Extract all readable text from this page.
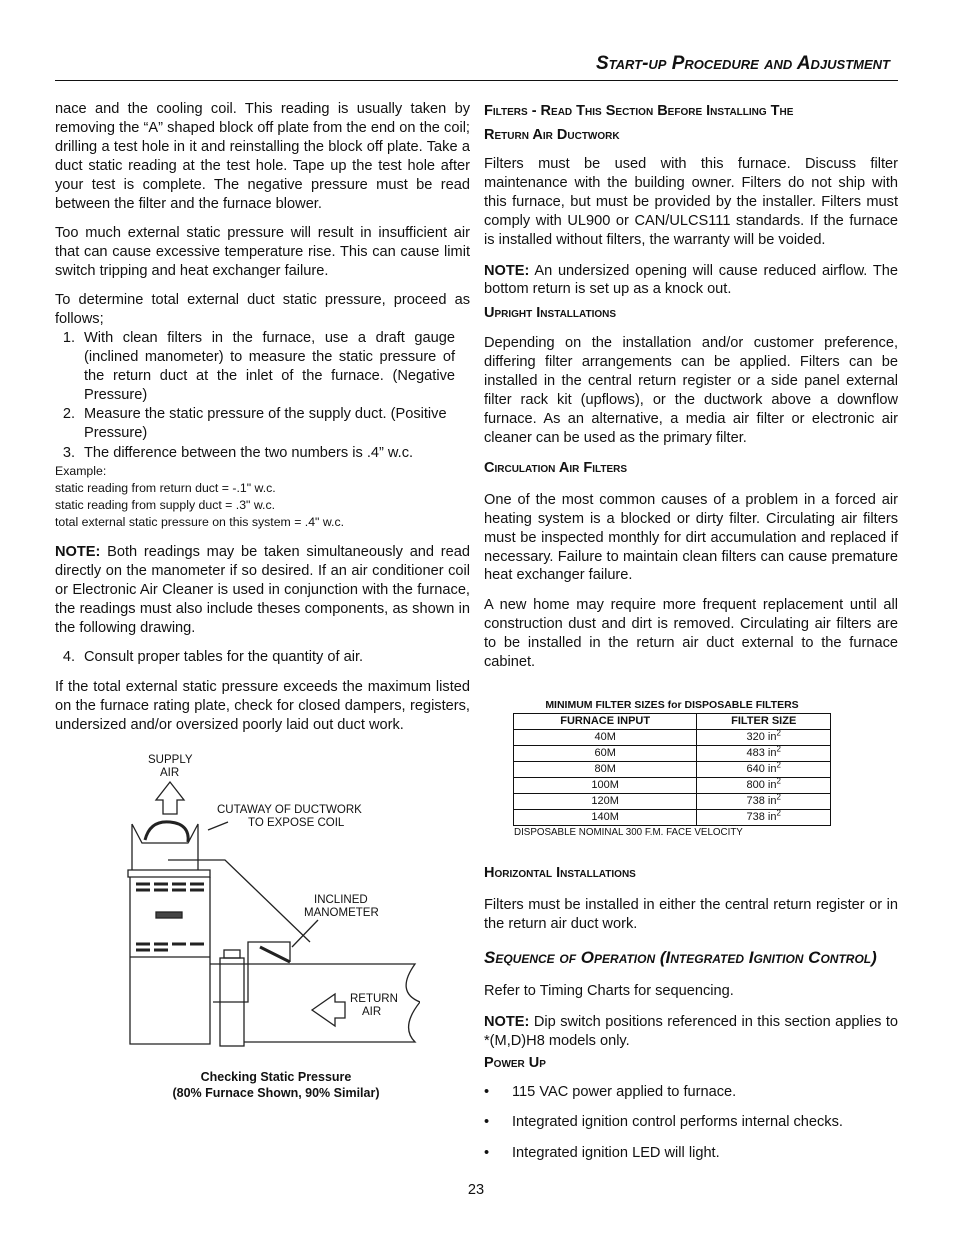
Start-up Procedure and Adjustment

nace and the cooling coil. This reading is usually taken by removing the “A” shaped block off plate from the end on the coil; drilling a test hole in it and reinstalling the block off plate. Take a duct static reading at the test hole. Tape up the test hole after your test is complete. The negative pressure must be read between the filter and the furnace blower.

Too much external static pressure will result in insufficient air that can cause excessive temperature rise. This can cause limit switch tripping and heat exchanger failure.

To determine total external duct static pressure, proceed as follows;

1. With clean filters in the furnace, use a draft gauge (inclined manometer) to measure the static pressure of the return duct at the inlet of the furnace. (Negative Pressure)

2. Measure the static pressure of the supply duct. (Positive Pressure)

3. The difference between the two numbers is .4” w.c.

Example:
static reading from return duct = -.1" w.c.
static reading from supply duct = .3" w.c.
total external static pressure on this system = .4" w.c.

NOTE: Both readings may be taken simultaneously and read directly on the manometer if so desired. If an air conditioner coil or Electronic Air Cleaner is used in conjunction with the furnace, the readings must also include theses components, as shown in the following drawing.

4. Consult proper tables for the quantity of air.

If the total external static pressure exceeds the maximum listed on the furnace rating plate, check for closed dampers, registers, undersized and/or oversized poorly laid out duct work.

SUPPLY
AIR
CUTAWAY OF DUCTWORK
TO EXPOSE COIL
INCLINED
MANOMETER
RETURN
AIR
Checking Static Pressure
(80% Furnace Shown, 90% Similar)
Filters - Read This Section Before Installing The
Return Air Ductwork

Filters must be used with this furnace. Discuss filter maintenance with the building owner. Filters do not ship with this furnace, but must be provided by the installer. Filters must comply with UL900 or CAN/ULCS111 standards. If the furnace is installed without filters, the warranty will be voided.

NOTE: An undersized opening will cause reduced airflow. The bottom return is set up as a knock out.

Upright Installations

Depending on the installation and/or customer preference, differing filter arrangements can be applied. Filters can be installed in the central return register or a side panel external filter rack kit (upflows), or the ductwork above a downflow furnace. As an alternative, a media air filter or electronic air cleaner can be used as the primary filter.

Circulation Air Filters

One of the most common causes of a problem in a forced air heating system is a blocked or dirty filter. Circulating air filters must be inspected monthly for dirt accumulation and replaced if necessary. Failure to maintain clean filters can cause premature heat exchanger failure.

A new home may require more frequent replacement until all construction dust and dirt is removed. Circulating air filters are to be installed in the return air duct external to the furnace cabinet.

MINIMUM FILTER SIZES for DISPOSABLE FILTERS
FURNACE INPUT	FILTER SIZE
40M	320 $in^2$
60M	483 $in^2$
80M	640 $in^2$
100M	800 $in^2$
120M	738 $in^2$
140M	738 $in^2$
DISPOSABLE NOMINAL 300 F.M. FACE VELOCITY
Horizontal Installations

Filters must be installed in either the central return register or in the return air duct work.

Sequence of Operation (Integrated Ignition Control)

Refer to Timing Charts for sequencing.

NOTE: Dip switch positions referenced in this section applies to *(M,D)H8 models only.

Power Up
•	115 VAC power applied to furnace.
•	Integrated ignition control performs internal checks.
•	Integrated ignition LED will light.
23
